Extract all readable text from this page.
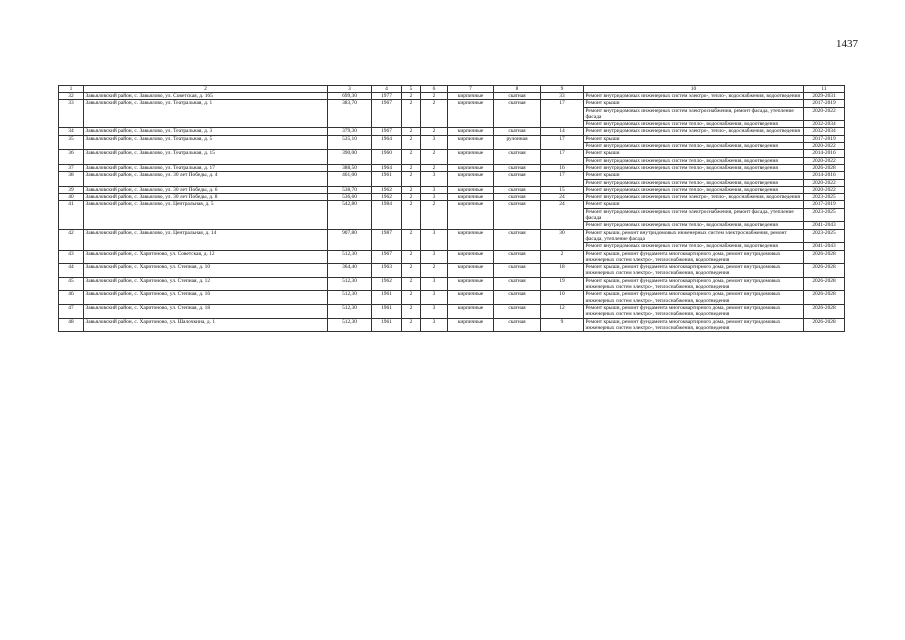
1437
1	2	3	4	5	6	7	8	9	10	11
32	Завьяловский район, с. Завьялово, ул. Советская, д. 165	699,30	1977	2	2	кирпичные	скатная	33	Ремонт внутридомовых инженерных систем электро-, тепло-, водоснабжения, водоотведения	2029-2031
33	Завьяловский район, с. Завьялово, ул. Театральная, д. 1	383,70	1967	2	2	кирпичные	скатная	17	Ремонт крыши	2017-2019
									Ремонт внутридомовых инженерных систем электроснабжения, ремонт фасада, утепление фасада	2020-2022
									Ремонт внутридомовых инженерных систем тепло-, водоснабжения, водоотведения	2032-2034
34	Завьяловский район, с. Завьялово, ул. Театральная, д. 3	379,30	1967	2	2	кирпичные	скатная	14	Ремонт внутридомовых инженерных систем электро-, тепло-, водоснабжения, водоотведения	2032-2034
35	Завьяловский район, с. Завьялово, ул. Театральная, д. 5	535,10	1964	2	3	кирпичные	рулонная	17	Ремонт крыши	2017-2019
									Ремонт внутридомовых инженерных систем тепло-, водоснабжения, водоотведения	2020-2022
36	Завьяловский район, с. Завьялово, ул. Театральная, д. 15	390,00	1960	2	2	кирпичные	скатная	17	Ремонт крыши	2014-2016
									Ремонт внутридомовых инженерных систем тепло-, водоснабжения, водоотведения	2020-2022
37	Завьяловский район, с. Завьялово, ул. Театральная, д. 17	388,50	1964	2	2	кирпичные	скатная	16	Ремонт внутридомовых инженерных систем тепло-, водоснабжения, водоотведения	2026-2028
38	Завьяловский район, с. Завьялово, ул. 30 лет Победы, д. 4	461,00	1961	2	3	кирпичные	скатная	17	Ремонт крыши	2014-2016
									Ремонт внутридомовых инженерных систем тепло-, водоснабжения, водоотведения	2020-2022
39	Завьяловский район, с. Завьялово, ул. 30 лет Победы, д. 6	538,70	1962	2	3	кирпичные	скатная	15	Ремонт внутридомовых инженерных систем тепло-, водоснабжения, водоотведения	2020-2022
40	Завьяловский район, с. Завьялово, ул. 30 лет Победы, д. 8	536,60	1962	2	3	кирпичные	скатная	24	Ремонт внутридомовых инженерных систем электро-, тепло-, водоснабжения, водоотведения	2023-2025
41	Завьяловский район, с. Завьялово, ул. Центральная, д. 5	542,80	1984	2	2	кирпичные	скатная	24	Ремонт крыши	2017-2019
									Ремонт внутридомовых инженерных систем электроснабжения, ремонт фасада, утепление фасада	2023-2025
									Ремонт внутридомовых инженерных систем тепло-, водоснабжения, водоотведения	2041-2043
42	Завьяловский район, с. Завьялово, ул. Центральная, д. 14	907,80	1987	2	3	кирпичные	скатная	30	Ремонт крыши, ремонт внутридомовых инженерных систем электроснабжения, ремонт фасада, утепление фасада	2023-2025
									Ремонт внутридомовых инженерных систем тепло-, водоснабжения, водоотведения	2041-2043
43	Завьяловский район, с. Харитоново, ул. Советская, д. 12	512,30	1967	2	3	кирпичные	скатная	2	Ремонт крыши, ремонт фундамента многоквартирного дома, ремонт внутридомовых инженерных систем электро-, теплоснабжения, водоотведения	2026-2028
44	Завьяловский район, с. Харитоново, ул. Степная, д. 10	364,40	1963	2	2	кирпичные	скатная	18	Ремонт крыши, ремонт фундамента многоквартирного дома, ремонт внутридомовых инженерных систем электро-, теплоснабжения, водоотведения	2026-2028
45	Завьяловский район, с. Харитоново, ул. Степная, д. 12	512,30	1962	2	3	кирпичные	скатная	19	Ремонт крыши, ремонт фундамента многоквартирного дома, ремонт внутридомовых инженерных систем электро-, теплоснабжения, водоотведения	2026-2028
46	Завьяловский район, с. Харитоново, ул. Степная, д. 16	512,30	1961	2	3	кирпичные	скатная	10	Ремонт крыши, ремонт фундамента многоквартирного дома, ремонт внутридомовых инженерных систем электро-, теплоснабжения, водоотведения	2026-2028
47	Завьяловский район, с. Харитоново, ул. Степная, д. 18	512,30	1961	2	3	кирпичные	скатная	12	Ремонт крыши, ремонт фундамента многоквартирного дома, ремонт внутридомовых инженерных систем электро-, теплоснабжения, водоотведения	2026-2028
48	Завьяловский район, с. Харитоново, ул. Шалочкина, д. 1	512,30	1961	2	3	кирпичные	скатная	9	Ремонт крыши, ремонт фундамента многоквартирного дома, ремонт внутридомовых инженерных систем электро-, теплоснабжения, водоотведения	2026-2028
